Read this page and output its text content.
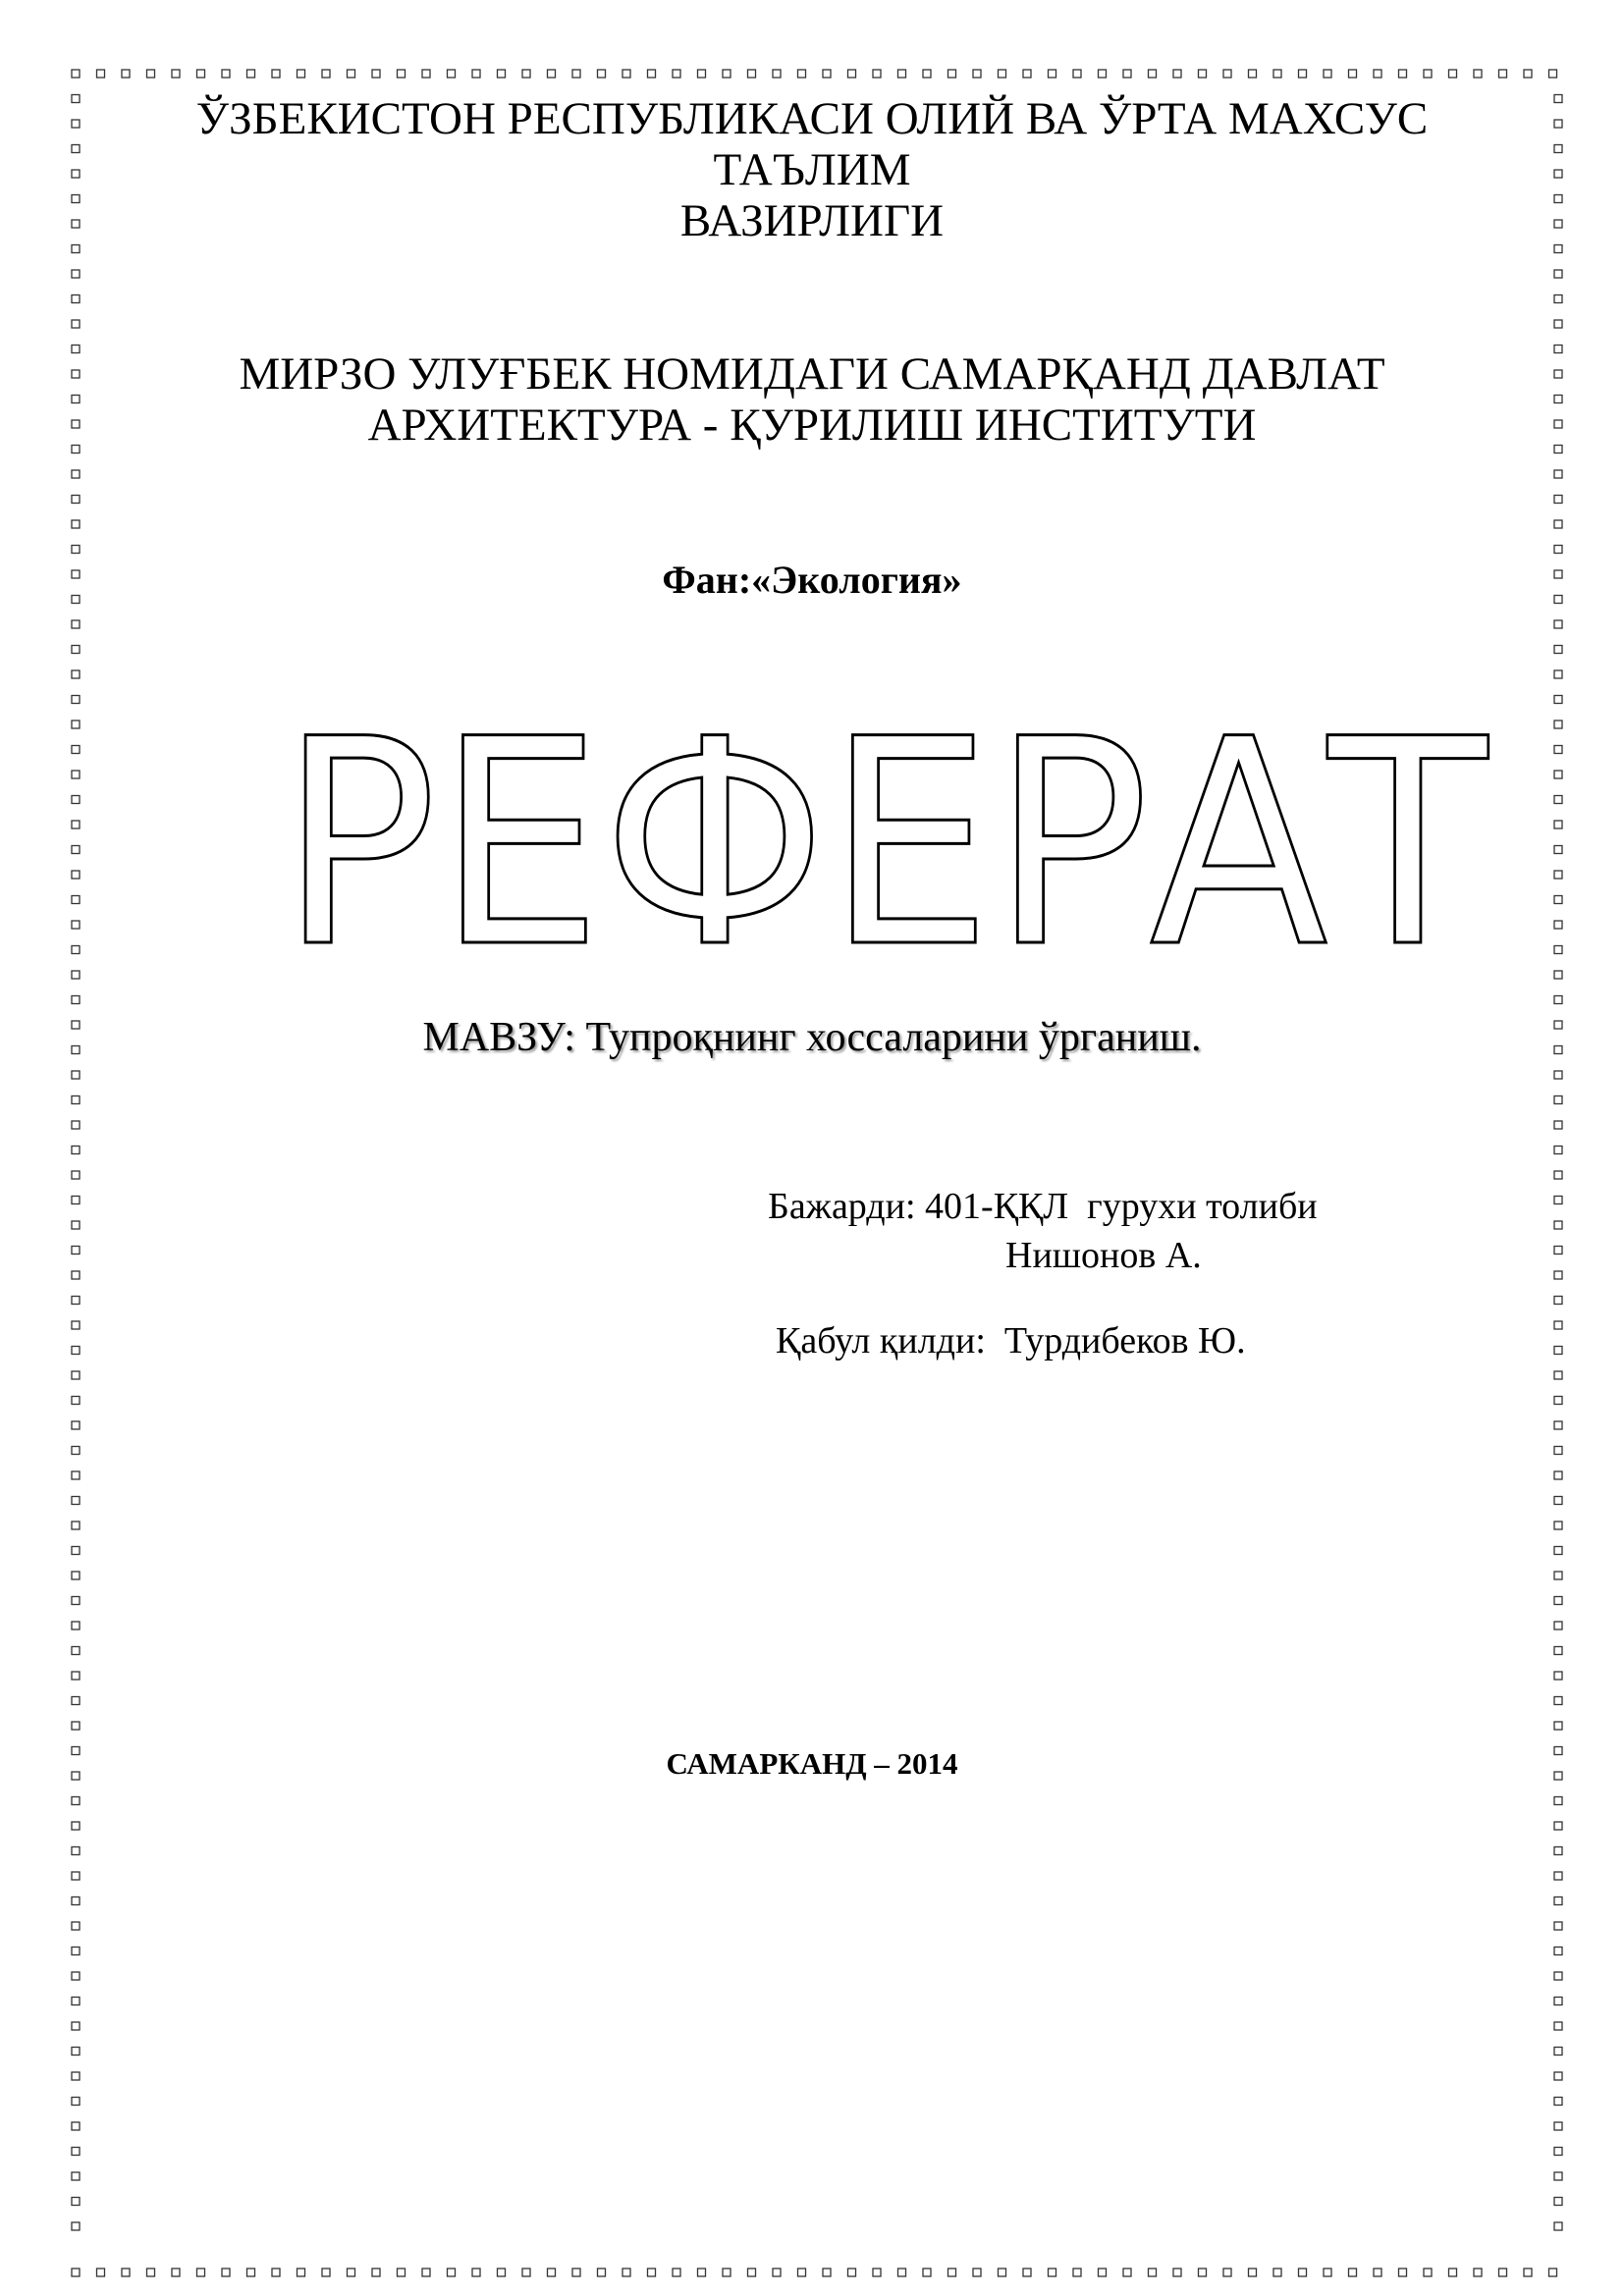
ЎЗБЕКИСТОН РЕСПУБЛИКАСИ ОЛИЙ ВА ЎРТА МАХСУС ТАЪЛИМ
ВАЗИРЛИГИ
МИРЗО УЛУҒБЕК НОМИДАГИ САМАРҚАНД ДАВЛАТ
АРХИТЕКТУРА - ҚУРИЛИШ ИНСТИТУТИ
Фан:«Экология»
РЕФЕРАТ
МАВЗУ: Тупроқнинг хоссаларини ўрганиш.
Бажарди: 401-ҚҚЛ  гурухи толиби
Нишонов А.
Қабул қилди:  Турдибеков Ю.
САМАРКАНД – 2014
